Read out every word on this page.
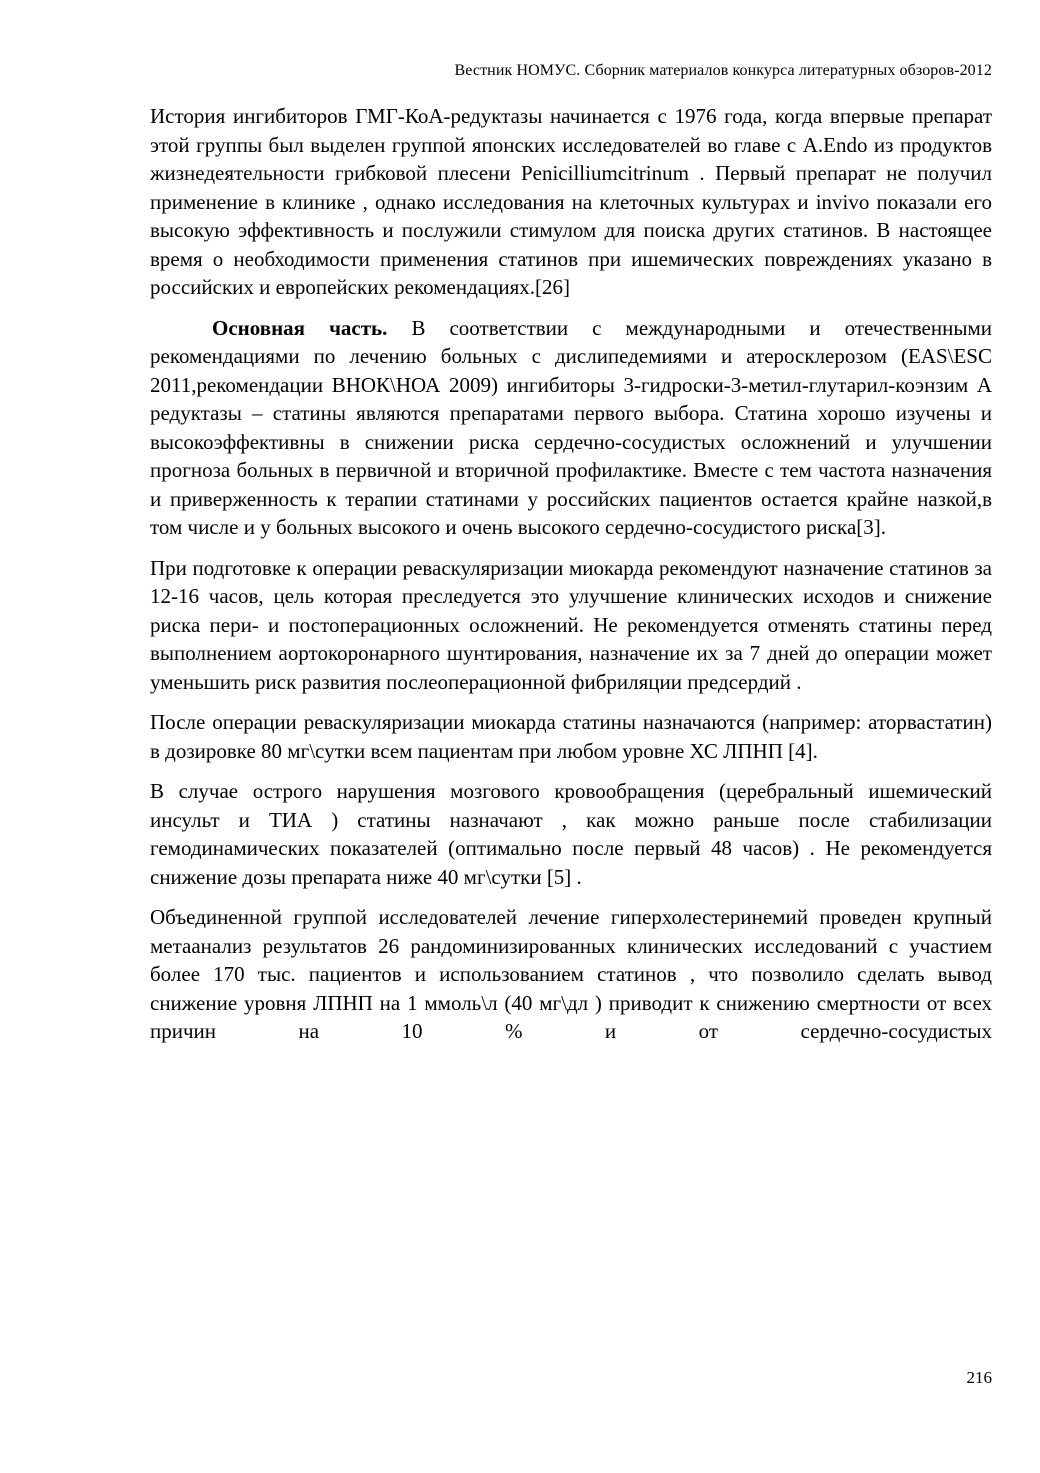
Вестник НОМУС. Сборник материалов конкурса литературных обзоров-2012

История ингибиторов ГМГ-КоА-редуктазы начинается с 1976 года, когда впервые препарат этой группы был выделен группой японских исследователей во главе с A.Endo из продуктов жизнедеятельности грибковой плесени Penicilliumcitrinum . Первый препарат не получил применение в клинике , однако исследования на клеточных культурах и invivo показали его высокую эффективность и послужили стимулом для поиска других статинов. В настоящее время о необходимости применения статинов при ишемических повреждениях указано в российских и европейских рекомендациях.[26]

Основная часть. В соответствии с международными и отечественными рекомендациями по лечению больных с дислипедемиями и атеросклерозом (EAS\ESC 2011,рекомендации ВНОК\НОА 2009) ингибиторы 3-гидроски-3-метил-глутарил-коэнзим А редуктазы – статины являются препаратами первого выбора. Статина хорошо изучены и высокоэффективны в снижении риска сердечно-сосудистых осложнений и улучшении прогноза больных в первичной и вторичной профилактике. Вместе с тем частота назначения и приверженность к терапии статинами у российских пациентов остается крайне назкой,в том числе и у больных высокого и очень высокого сердечно-сосудистого риска[3].

При подготовке к операции реваскуляризации миокарда рекомендуют назначение статинов за 12-16 часов, цель которая преследуется это улучшение клинических исходов и снижение риска пери- и постоперационных осложнений. Не рекомендуется отменять статины перед выполнением аортокоронарного шунтирования, назначение их за 7 дней до операции может уменьшить риск развития послеоперационной фибриляции предсердий .

После операции реваскуляризации миокарда статины назначаются (например: аторвастатин) в дозировке 80 мг\сутки всем пациентам при любом уровне ХС ЛПНП [4].

В случае острого нарушения мозгового кровообращения (церебральный ишемический инсульт и ТИА ) статины назначают , как можно раньше после стабилизации гемодинамических показателей (оптимально после первый 48 часов) . Не рекомендуется снижение дозы препарата ниже 40 мг\сутки [5] .

Объединенной группой исследователей лечение гиперхолестеринемий проведен крупный метаанализ результатов 26 рандоминизированных клинических исследований с участием более 170 тыс. пациентов и использованием статинов , что позволило сделать вывод снижение уровня ЛПНП на 1 ммоль\л (40 мг\дл ) приводит к снижению смертности от всех причин на 10 % и от сердечно-сосудистых

216
